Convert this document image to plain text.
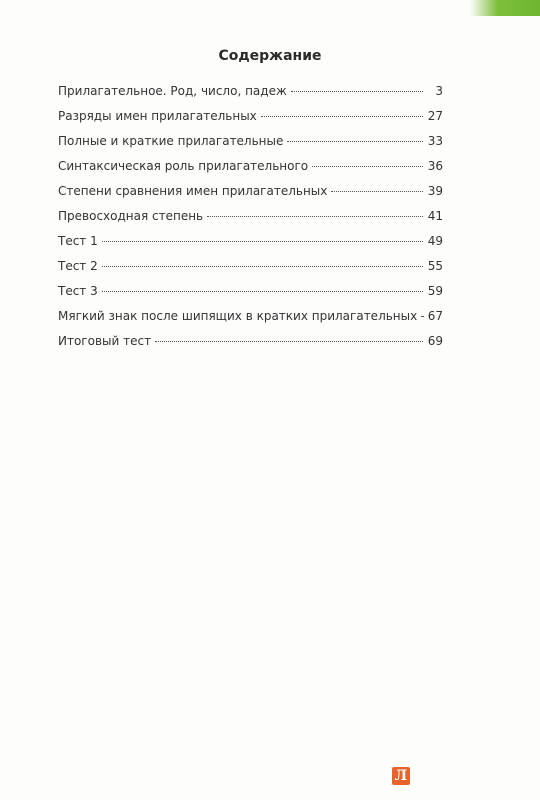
Содержание
Прилагательное. Род, число, падеж	3
Разряды имен прилагательных	27
Полные и краткие прилагательные	33
Синтаксическая роль прилагательного	36
Степени сравнения имен прилагательных	39
Превосходная степень	41
Тест 1	49
Тест 2	55
Тест 3	59
Мягкий знак после шипящих в кратких прилагательных 67
Итоговый тест	69
Л
